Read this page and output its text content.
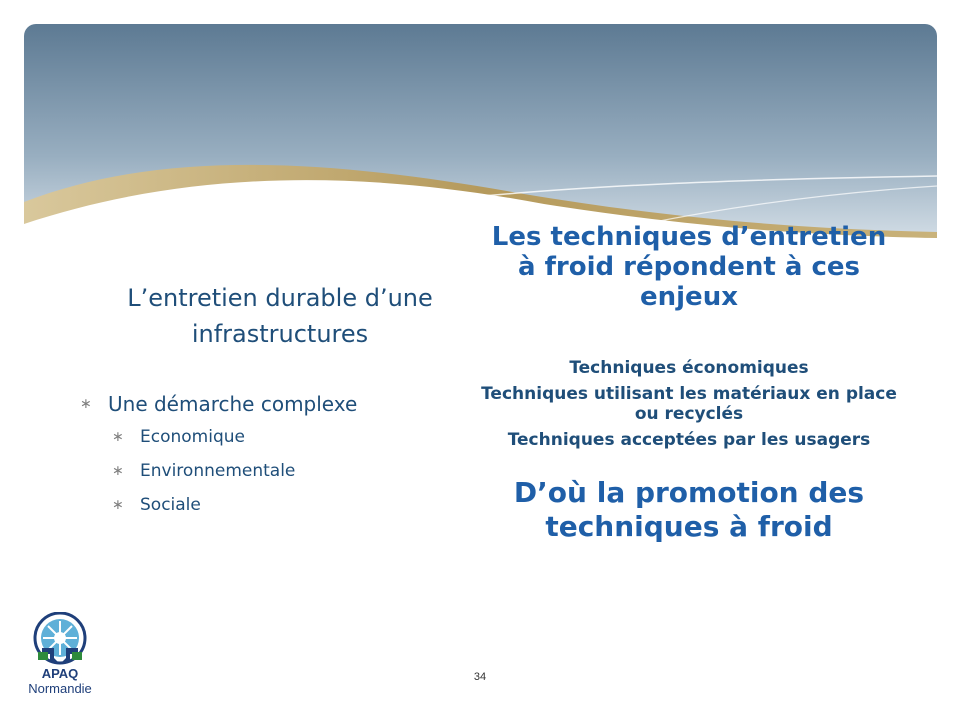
L’entretien durable d’une infrastructures

∗ Une démarche complexe
∗ Economique
∗ Environnementale
∗ Sociale

Les techniques d’entretien à froid répondent à ces enjeux

Techniques économiques
Techniques utilisant les matériaux en place ou recyclés
Techniques acceptées par les usagers
D’où la promotion des techniques à froid
APAQ
Normandie
34
